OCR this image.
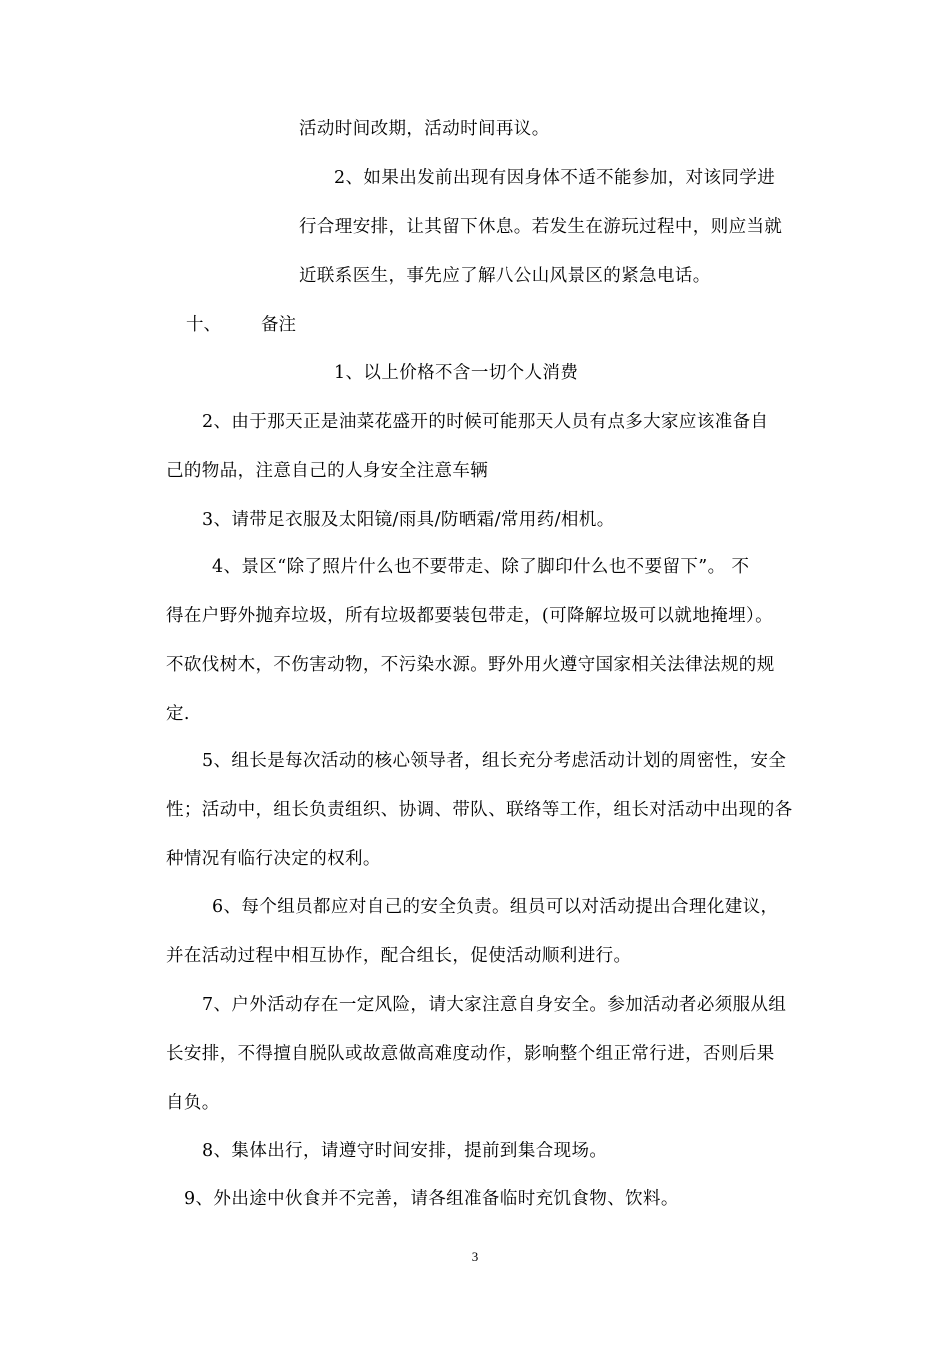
活动时间改期，活动时间再议。
2、如果出发前出现有因身体不适不能参加，对该同学进
行合理安排，让其留下休息。若发生在游玩过程中，则应当就
近联系医生，事先应了解八公山风景区的紧急电话。
十、 备注
1、以上价格不含一切个人消费
2、由于那天正是油菜花盛开的时候可能那天人员有点多大家应该准备自
己的物品，注意自己的人身安全注意车辆
3、请带足衣服及太阳镜/雨具/防晒霜/常用药/相机。
4、景区“除了照片什么也不要带走、除了脚印什么也不要留下”。 不
得在户野外抛弃垃圾，所有垃圾都要装包带走，(可降解垃圾可以就地掩埋）。
不砍伐树木，不伤害动物，不污染水源。野外用火遵守国家相关法律法规的规
定.
5、组长是每次活动的核心领导者，组长充分考虑活动计划的周密性，安全
性；活动中，组长负责组织、协调、带队、联络等工作，组长对活动中出现的各
种情况有临行决定的权利。
6、每个组员都应对自己的安全负责。组员可以对活动提出合理化建议，
并在活动过程中相互协作，配合组长，促使活动顺利进行。
7、户外活动存在一定风险，请大家注意自身安全。参加活动者必须服从组
长安排，不得擅自脱队或故意做高难度动作，影响整个组正常行进，否则后果
自负。
8、集体出行，请遵守时间安排，提前到集合现场。
9、外出途中伙食并不完善，请各组准备临时充饥食物、饮料。
3
